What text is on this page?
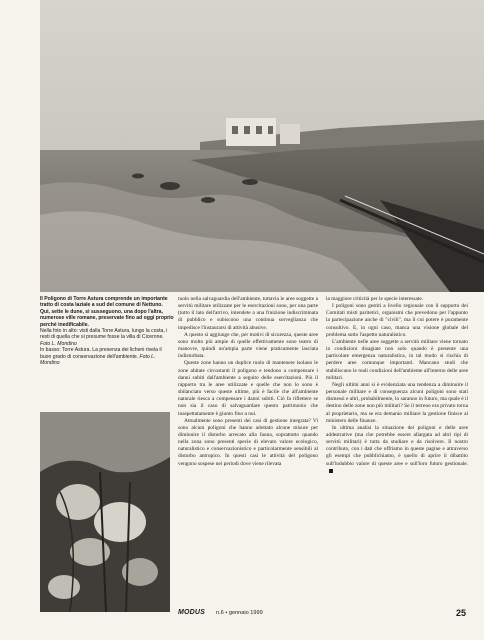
Il Poligono di Torre Astura comprende un importante tratto di costa laziale a sud del comune di Nettuno. Qui, sette le dune, si susseguono, una dopo l'altra, numerose ville romane, preservate fino ad oggi proprio perché inedificabile.

Nella foto in alto: visti dalla Torre Astura, lungo la costa, i resti di quella che si presume fosse la villa di Cicerone. Foto L. Mondino

In basso: Torre Astura. La presenza dei licheni rivela il buon grado di conservazione dell'ambiente. Foto L. Mondino

tuolo nella salvaguardia dell'ambiente, tuttavia le aree soggette a servitù militare utilizzate per le esercitazioni sono, per una parte (tutto il lato dell'arrivo, intendete a una fruizione indiscriminata di pubblico e subiscono una continua sorveglianza che impedisce l'instaurarsi di attività abusive.

A questo si aggiunge che, per motivi di sicurezza, queste aree sono molto più ampie di quelle effettivamente sono teatro di manovre, quindi un'ampia parte viene praticamente lasciata indisturbata.

Queste zone hanno un duplice ruolo di mantenere isolano le zone abitate circostanti il poligono e tendono a compensare i danni subiti dall'ambiente a seguito delle esercitazioni. Più il rapporto tra le aree utilizzate e quelle che non lo sono è sbilanciato verso queste ultime, più è facile che all'ambiente naturale riesca a compensare i danni subiti. Ciò fa riflettere se non sia il caso di salvaguardare questo patrimonio che inaspettatamente è giunto fino a noi.

Attualmente sono presenti dei casi di gestione integrata? Vi sono alcuni poligoni che hanno adottato alcune misure per diminuire il disturbo arrecato alla fauna, soprattutto quando nella zona sono presenti specie di elevato valore ecologico, naturalistico e conservazionistico e particolarmente sensibili al disturbo antropico. In questi casi le attività del poligono vengono sospese nei periodi dove viene rilevata

la maggiore criticità per le specie interessate.

I poligoni sono gestiti a livello regionale con il supporto dei Comitati misti paritetici, organismi che prevedono per l'appunto la partecipazione anche di "civili", ma il cui potere è puramente consultivo. E, in ogni caso, manca una visione globale del problema sotto l'aspetto naturalistico.

L'ambiente nelle aree soggette a servitù militare viene tornato in condizioni disagiate non solo quando è presente una particolare emergenza naturalistica, in tal modo si rischia di perdere aree comunque importanti. Mancano studi che stabiliscano le reali condizioni dell'ambiente all'interno delle aree militari.

Negli ultimi anni si è evidenziata una tendenza a diminuire il personale militare e di conseguenza alcuni poligoni sono stati dismessi e altri, probabilmente, lo saranno in futuro, ma quale è il destino delle zone non più militari? Se il terreno era privato torna al proprietario, ma se era demanio militare la gestione finisce al ministero delle finanze.

In ultima analisi la situazione dei poligoni e delle aree addestrative (ma che potrebbe essere allargata ad altri tipi di servitù militari) è tutta da studiare e da risolvere. Il nostro contributo, con i dati che offriamo in queste pagine e attraverso gli esempi che pubblichiamo, è quello di aprire il dibattito sull'indubbio valore di queste aree e sull'loro futuro gestionale.

MODUS n.6 • gennaio 1999	25
